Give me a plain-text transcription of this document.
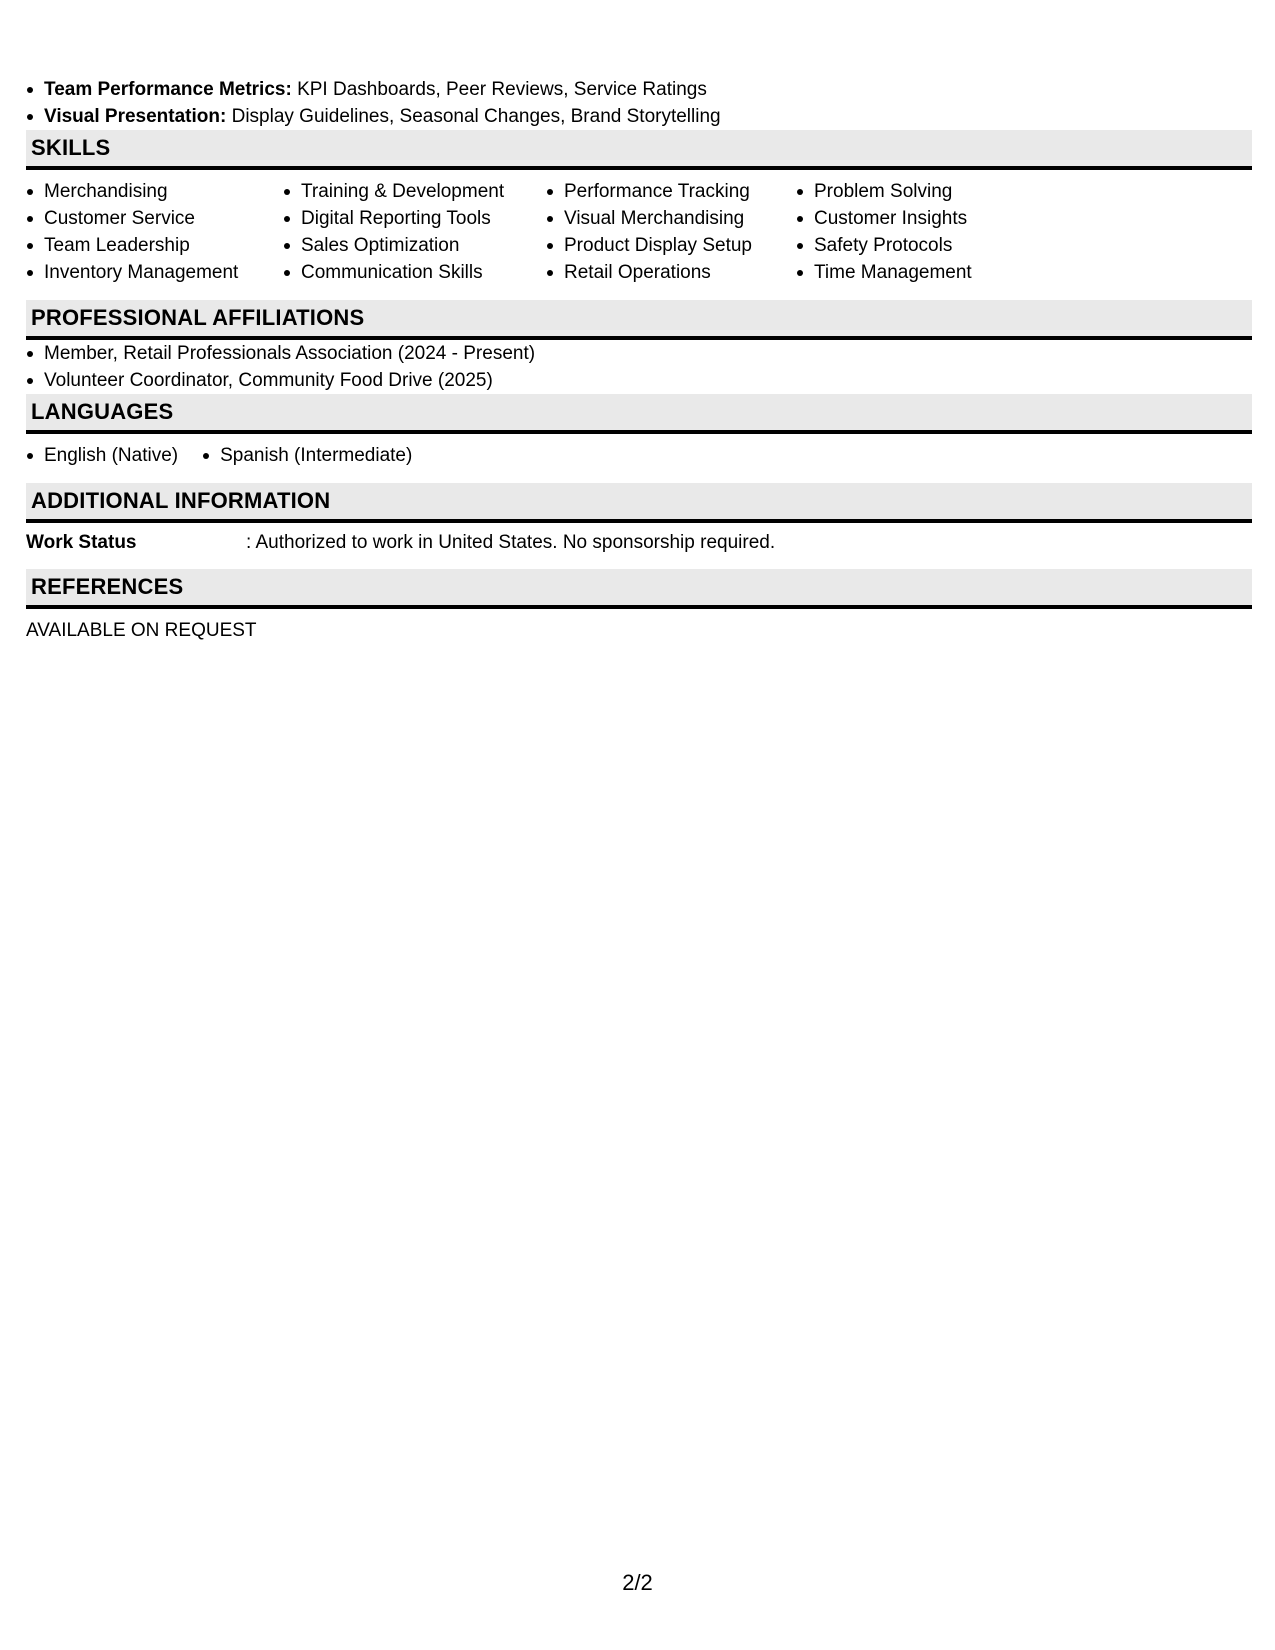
Team Performance Metrics: KPI Dashboards, Peer Reviews, Service Ratings
Visual Presentation: Display Guidelines, Seasonal Changes, Brand Storytelling
SKILLS
Merchandising
Customer Service
Team Leadership
Inventory Management
Training & Development
Digital Reporting Tools
Sales Optimization
Communication Skills
Performance Tracking
Visual Merchandising
Product Display Setup
Retail Operations
Problem Solving
Customer Insights
Safety Protocols
Time Management
PROFESSIONAL AFFILIATIONS
Member, Retail Professionals Association (2024 - Present)
Volunteer Coordinator, Community Food Drive (2025)
LANGUAGES
English (Native)	Spanish (Intermediate)
ADDITIONAL INFORMATION
Work Status	: Authorized to work in United States. No sponsorship required.
REFERENCES
AVAILABLE ON REQUEST
2/2
